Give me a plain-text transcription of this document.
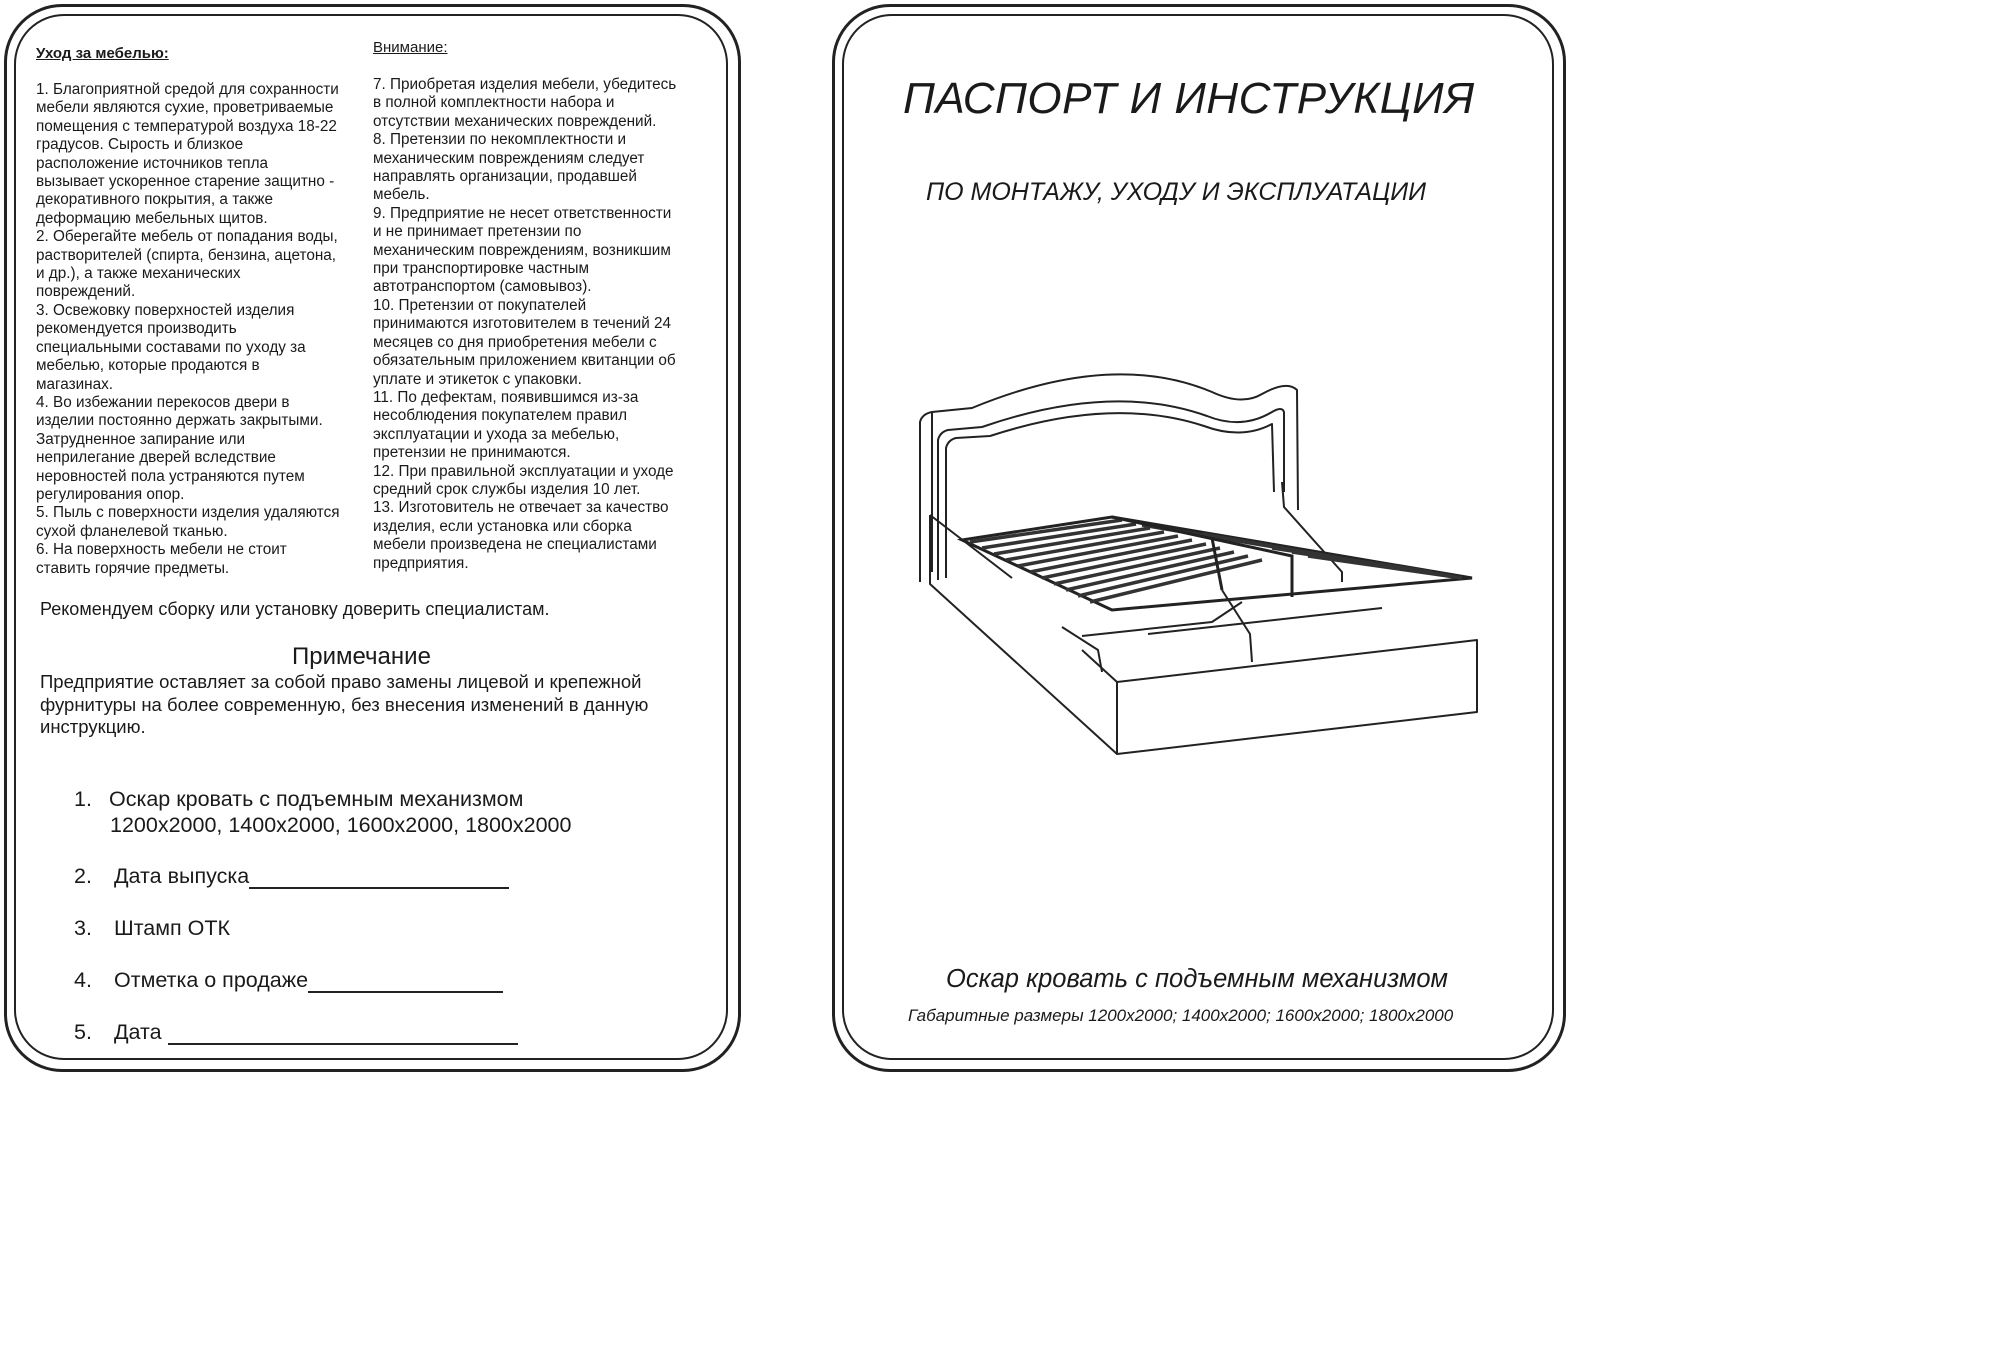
Уход за мебелью:
1. Благоприятной средой для сохранности
мебели являются сухие, проветриваемые
помещения с температурой воздуха 18-22
градусов. Сырость и близкое
расположение источников тепла
вызывает ускоренное старение защитно -
декоративного покрытия, а также
деформацию мебельных щитов.
2. Оберегайте мебель от попадания воды,
растворителей (спирта, бензина, ацетона,
и др.), а также механических
повреждений.
3. Освежовку поверхностей изделия
рекомендуется производить
специальными составами по уходу за
мебелью, которые продаются в
магазинах.
4. Во избежании перекосов двери в
изделии постоянно держать закрытыми.
Затрудненное запирание или
неприлегание дверей вследствие
неровностей пола устраняются путем
регулирования опор.
5. Пыль с поверхности изделия удаляются
сухой фланелевой тканью.
6. На поверхность мебели не стоит
ставить горячие предметы.
Внимание:
7. Приобретая изделия мебели, убедитесь
в полной комплектности набора и
отсутствии механических повреждений.
8. Претензии по некомплектности и
механическим повреждениям следует
направлять организации, продавшей
мебель.
9. Предприятие не несет ответственности
и не принимает претензии по
механическим повреждениям, возникшим
при транспортировке частным
автотранспортом (самовывоз).
10. Претензии от покупателей
принимаются изготовителем в течений 24
месяцев со дня приобретения мебели с
обязательным приложением квитанции об
уплате и этикеток с упаковки.
11. По дефектам, появившимся из-за
несоблюдения покупателем правил
эксплуатации и ухода за мебелью,
претензии не принимаются.
12. При правильной эксплуатации и уходе
средний срок службы изделия 10 лет.
13. Изготовитель не отвечает за качество
изделия, если установка или сборка
мебели произведена не специалистами
предприятия.
Рекомендуем сборку или установку доверить специалистам.
Примечание
Предприятие оставляет за собой право замены лицевой и крепежной
фурнитуры на более современную, без внесения изменений в данную
инструкцию.
1. Оскар кровать с подъемным механизмом
1200х2000, 1400х2000, 1600х2000, 1800х2000
2. Дата выпуска
3. Штамп ОТК
4. Отметка о продаже
5. Дата
ПАСПОРТ И ИНСТРУКЦИЯ
ПО МОНТАЖУ, УХОДУ И ЭКСПЛУАТАЦИИ
Оскар кровать с подъемным механизмом
Габаритные размеры 1200х2000; 1400х2000; 1600х2000; 1800х2000
